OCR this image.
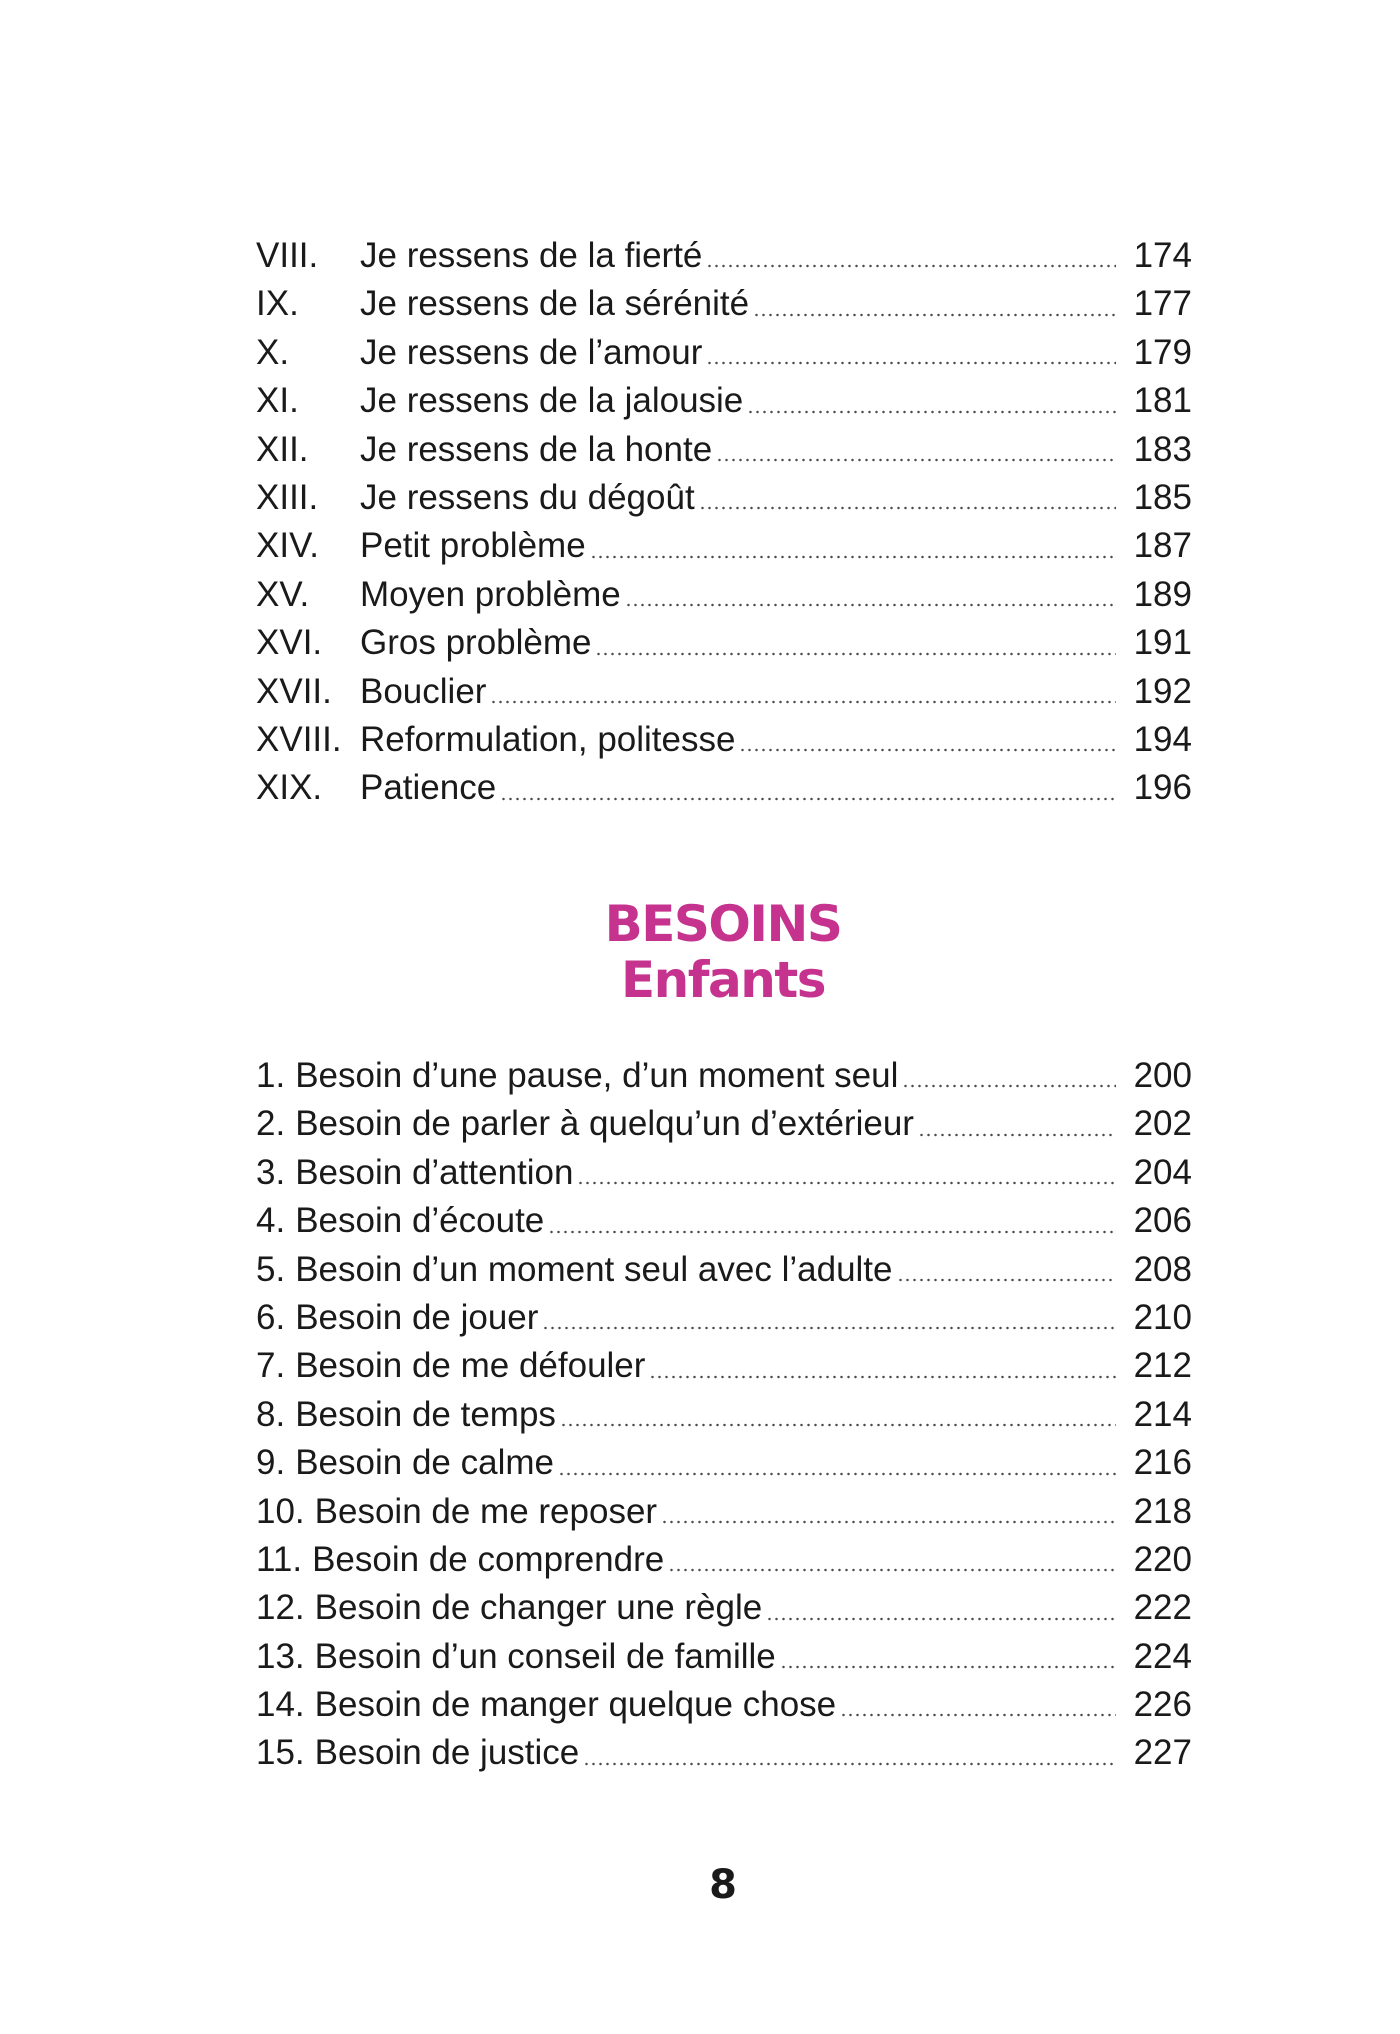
VIII.	Je ressens de la fierté	174
IX.	Je ressens de la sérénité	177
X.	Je ressens de l’amour	179
XI.	Je ressens de la jalousie	181
XII.	Je ressens de la honte	183
XIII.	Je ressens du dégoût	185
XIV.	Petit problème	187
XV.	Moyen problème	189
XVI.	Gros problème	191
XVII. Bouclier	192
XVIII. Reformulation, politesse	194
XIX.	Patience	196
BESOINS
Enfants
1. Besoin d’une pause, d’un moment seul	200
2. Besoin de parler à quelqu’un d’extérieur	202
3. Besoin d’attention	204
4. Besoin d’écoute	206
5. Besoin d’un moment seul avec l’adulte	208
6. Besoin de jouer	210
7. Besoin de me défouler	212
8. Besoin de temps	214
9. Besoin de calme	216
10. Besoin de me reposer	218
11. Besoin de comprendre	220
12. Besoin de changer une règle	222
13. Besoin d’un conseil de famille	224
14. Besoin de manger quelque chose	226
15. Besoin de justice	227
8
